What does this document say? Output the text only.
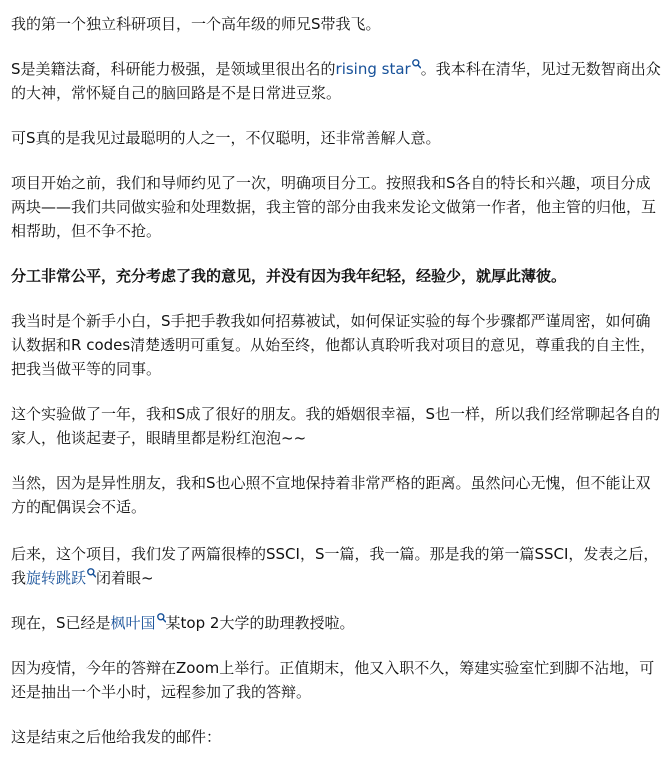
我的第一个独立科研项目，一个高年级的师兄S带我飞。

S是美籍法裔，科研能力极强，是领域里很出名的rising star 。我本科在清华，见过无数智商出众的大神，常怀疑自己的脑回路是不是日常进豆浆。

可S真的是我见过最聪明的人之一，不仅聪明，还非常善解人意。

项目开始之前，我们和导师约见了一次，明确项目分工。按照我和S各自的特长和兴趣，项目分成两块——我们共同做实验和处理数据，我主管的部分由我来发论文做第一作者，他主管的归他，互相帮助，但不争不抢。

分工非常公平，充分考虑了我的意见，并没有因为我年纪轻，经验少，就厚此薄彼。

我当时是个新手小白，S手把手教我如何招募被试，如何保证实验的每个步骤都严谨周密，如何确认数据和R codes清楚透明可重复。从始至终，他都认真聆听我对项目的意见，尊重我的自主性，把我当做平等的同事。

这个实验做了一年，我和S成了很好的朋友。我的婚姻很幸福，S也一样，所以我们经常聊起各自的家人，他谈起妻子，眼睛里都是粉红泡泡~~

当然，因为是异性朋友，我和S也心照不宣地保持着非常严格的距离。虽然问心无愧，但不能让双方的配偶误会不适。

后来，这个项目，我们发了两篇很棒的SSCI，S一篇，我一篇。那是我的第一篇SSCI，发表之后，我旋转跳跃 闭着眼~

现在，S已经是枫叶国 某top 2大学的助理教授啦。

因为疫情，今年的答辩在Zoom上举行。正值期末，他又入职不久，筹建实验室忙到脚不沾地，可还是抽出一个半小时，远程参加了我的答辩。

这是结束之后他给我发的邮件：
